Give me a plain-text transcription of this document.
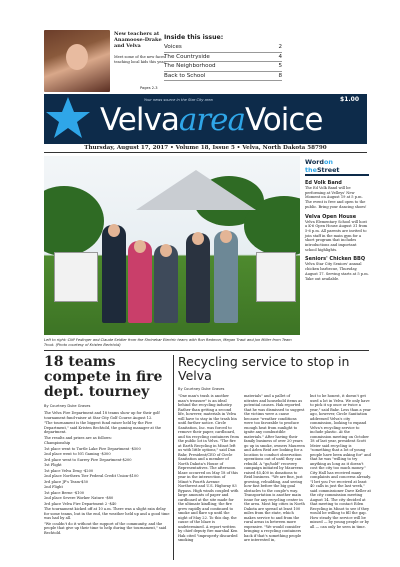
New teachers at Anamoose-Drake and Velva
Meet some of the new faces teaching local kids this year.
Pages 2-3
Inside this issue:
Voices	2
The Countryside	4
The Neighborhood	5
Back to School	8
Your news source in the Star City area	$1.00
VelvaareaVoice
Thursday, August 17, 2017 • Volume 18, Issue 5 • Velva, North Dakota 58790
Left to right: Cliff Fedinger and Claude Seidler from the Shrinekar Electric team; with Ron Redmon, Megan Traut and Jon Miller from Team Trout. (Photo courtesy of Kristen Bechtold)
Wordon theStreet
Ed Volk Band
The Ed Volk Band will be performing at Velleys' New Moment on August 19 at 5 p.m. The event is free and open to the public. Bring your dancing shoes!
Velva Open House
Velva Elementary School will host a K-6 Open House August 31 from 5-6 p.m. All parents are invited to join staff in the main gym for a short program that includes introductions and important school highlights.
Seniors' Chicken BBQ
Velva Star City Seniors' annual chicken barbecue, Thursday, August 17. Serving starts at 5 p.m. Take out available.
18 teams compete in fire dept. tourney
By Courtney Duke Graves

The Velva Fire Department and 18 teams show up for their golf tournament fund-raiser at Star City Golf Course August 12.

"The tournament is the biggest fund raiser held by the Fire Department," said Kristen Bechtold, the gaming manager at the department.

The results and prizes are as follows:

Championship

1st place went to Turtle Lake Fire Department -$500

2nd place went to NG Gaming -$300

3rd place went to Surrey Fire Department-$200

1st Flight

1st place Velva Drug -$200

2nd place Northern Tier Federal Credit Union-$100

3rd place JP's Team-$50

2nd Flight

1st place Berne -$100

2nd place Severe Worker Nature -$80

3rd place Velva Fire Department 2 -$40

The tournament kicked off at 10 a.m. There was a slight rain delay for some teams, but in the end, the weather held up and a good time was had by all.

"We couldn't do it without the support of the community, and the people that give up their time to help during the tournament," said Bechtold.

Recycling service to stop in Velva
By Courtney Duke Graves
"One man's trash is another man's treasure" is an ideal behind the recycling industry. Rather than getting a second life, however, materials in Velva will have to stay in the trash bin until further notice. Circle Sanitation, Inc. was forced to remove their paper, cardboard, and tin recycling containers from the public lot in Velva. "The fire at Earth Recycling in Minot left us with little options," said Dan Bahr, President/CEO of Circle Sanitation and a member of North Dakota's House of Representatives. The afternoon blaze occurred on May 18 of this year in the intersection of Minot's Fourth Avenue Northwest and U.S. Highway 83 Bypass. High winds coupled with large amounts of paper and cardboard at the site made for the ultimate kindling; the fire grew rapidly and continued to smoke and flare up until the night of May 22. To this day, the cause of the blaze is undetermined. A report written by chief deputy fire marshal Ken Hak cited "improperly discarded smoking
materials" and a pallet of nitrates and household items as potential causes. Hak reported that he was dismissed to suggest the victims were a cause because "weather conditions were too favorable to produce enough heat from sunlight to ignite any combustible materials." After having their family business of over 20 years go up in smoke, owners Maureen and Arlen Reid are looking for a location to conduct observation operations out of until they can rebuild. A "go/hold" recovery campaign initiated by Maureens raised $5,400 in donations to Reid business. "We are fine, just growing, rebuilding, and seeing how fast before the big goal obstacles to the couple's way. Transportation is another main issue for any recycling center in the area. Most big cities in North Dakota are spread at least 100 miles from the state, which makes service to and from the rural areas in between more expensive. "We would consider bringing a recycling containers back if that's something people are interested in,
but to be honest, it doesn't get used a lot in Velva. We only have to pick it up once or twice a year," said Bahr. Less than a year ago, however, Circle Sanitation addressed Velva's city commission, looking to expand Velva's recycling service to include plastic. At the commission meeting on October 18 of last year, president Scott Meier said recycling is "something that a lot of young people have been asking for" and that he was "willing to try anything as long as it doesn't cost the city too much money." City Hall has received many complaints and concerns already. "I bet you I've received at least 40 calls in just the last week," said commissioner Dave Keller at the city commission meeting August 14. The city decided at that meeting to contact Eden Recycling in Minot to see if they would be willing to fill the gap. How steady the service will be missed — by young people or by all — can only be seen in time.
